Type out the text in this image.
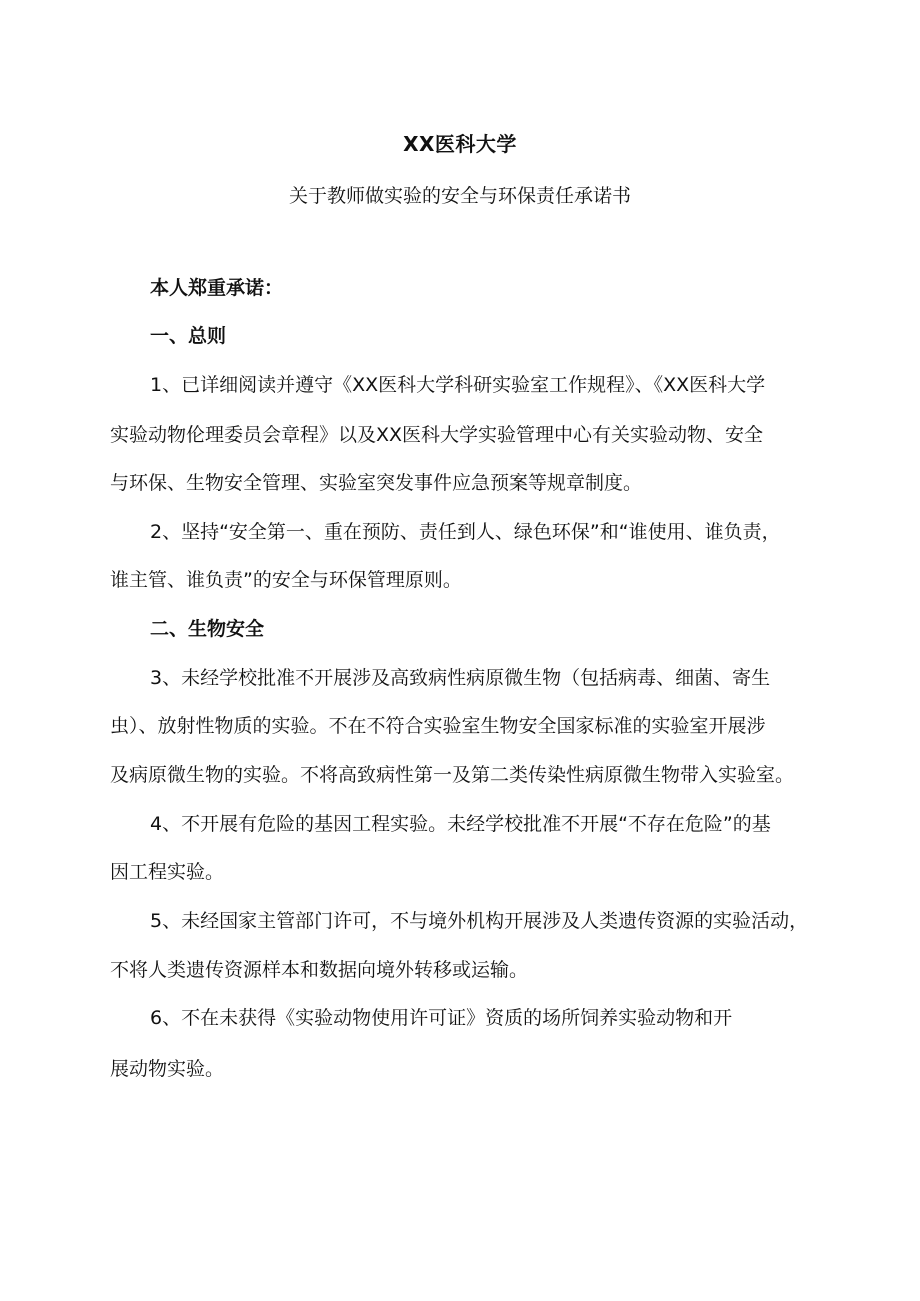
XX医科大学
关于教师做实验的安全与环保责任承诺书
本人郑重承诺：
一、总则
1、已详细阅读并遵守《XX医科大学科研实验室工作规程》、《XX医科大学
实验动物伦理委员会章程》以及XX医科大学实验管理中心有关实验动物、安全
与环保、生物安全管理、实验室突发事件应急预案等规章制度。
2、坚持“安全第一、重在预防、责任到人、绿色环保”和“谁使用、谁负责，
谁主管、谁负责”的安全与环保管理原则。
二、生物安全
3、未经学校批准不开展涉及高致病性病原微生物（包括病毒、细菌、寄生
虫）、放射性物质的实验。不在不符合实验室生物安全国家标准的实验室开展涉
及病原微生物的实验。不将高致病性第一及第二类传染性病原微生物带入实验室。
4、不开展有危险的基因工程实验。未经学校批准不开展“不存在危险”的基
因工程实验。
5、未经国家主管部门许可，不与境外机构开展涉及人类遗传资源的实验活动，
不将人类遗传资源样本和数据向境外转移或运输。
6、不在未获得《实验动物使用许可证》资质的场所饲养实验动物和开
展动物实验。
